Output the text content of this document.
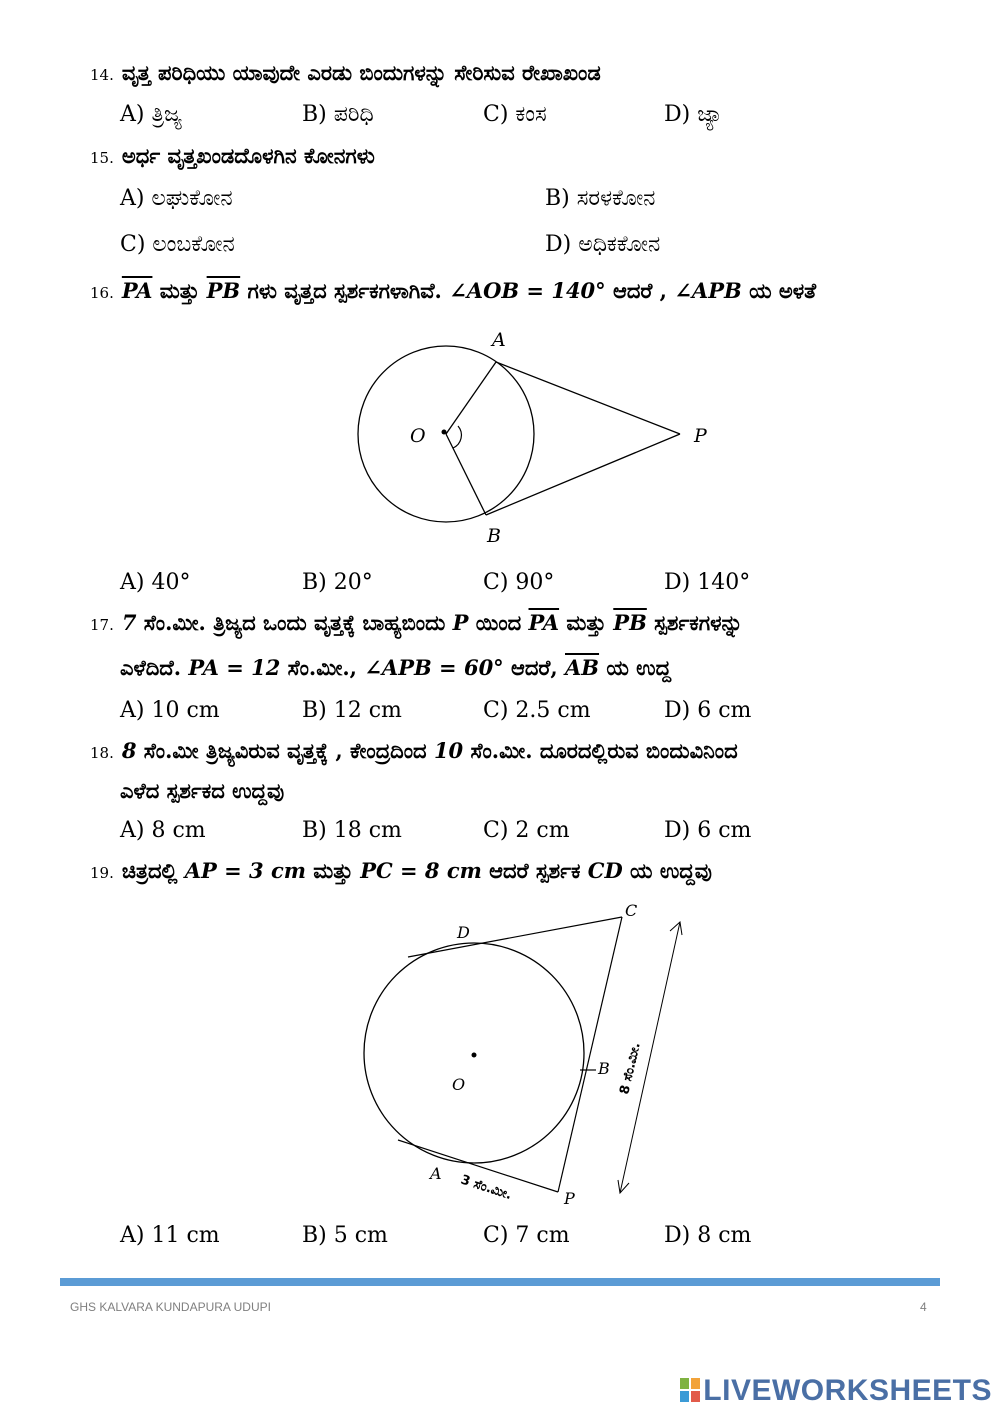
14. ವೃತ್ತ ಪರಿಧಿಯು ಯಾವುದೇ ಎರಡು ಬಿಂದುಗಳನ್ನು ಸೇರಿಸುವ ರೇಖಾಖಂಡ
A) ತ್ರಿಜ್ಯ	B) ಪರಿಧಿ	C) ಕಂಸ	D) ಜ್ಯಾ
15. ಅರ್ಧ ವೃತ್ತಖಂಡದೊಳಗಿನ ಕೋನಗಳು
A) ಲಘುಕೋನ	B) ಸರಳಕೋನ
C) ಲಂಬಕೋನ	D) ಅಧಿಕಕೋನ
16. $\overline{PA}$ ಮತ್ತು $\overline{PB}$ ಗಳು ವೃತ್ತದ ಸ್ಪರ್ಶಕಗಳಾಗಿವೆ. ∠AOB = 140° ಆದರೆ , ∠APB ಯ ಅಳತೆ
A
O	P
B
A) 40°	B) 20°	C) 90°	D) 140°
17. 7 ಸೆಂ.ಮೀ. ತ್ರಿಜ್ಯದ ಒಂದು ವೃತ್ತಕ್ಕೆ ಬಾಹ್ಯಬಿಂದು P ಯಿಂದ $\overline{PA}$ ಮತ್ತು $\overline{PB}$ ಸ್ಪರ್ಶಕಗಳನ್ನು
ಎಳೆದಿದೆ. PA = 12 ಸೆಂ.ಮೀ., ∠APB = 60° ಆದರೆ, $\overline{AB}$ ಯ ಉದ್ದ
A) 10 cm	B) 12 cm	C) 2.5 cm	D) 6 cm
18. 8 ಸೆಂ.ಮೀ ತ್ರಿಜ್ಯವಿರುವ ವೃತ್ತಕ್ಕೆ , ಕೇಂದ್ರದಿಂದ 10 ಸೆಂ.ಮೀ. ದೂರದಲ್ಲಿರುವ ಬಿಂದುವಿನಿಂದ
ಎಳೆದ ಸ್ಪರ್ಶಕದ ಉದ್ದವು
A) 8 cm	B) 18 cm	C) 2 cm	D) 6 cm
19. ಚಿತ್ರದಲ್ಲಿ AP = 3 cm ಮತ್ತು PC = 8 cm ಆದರೆ ಸ್ಪರ್ಶಕ CD ಯ ಉದ್ದವು
D
C
B
O
A
P
3 ಸೆಂ.ಮೀ.
8 ಸೆಂ.ಮೀ.
A) 11 cm	B) 5 cm	C) 7 cm	D) 8 cm
GHS KALVARA KUNDAPURA UDUPI	4
LIVEWORKSHEETS
